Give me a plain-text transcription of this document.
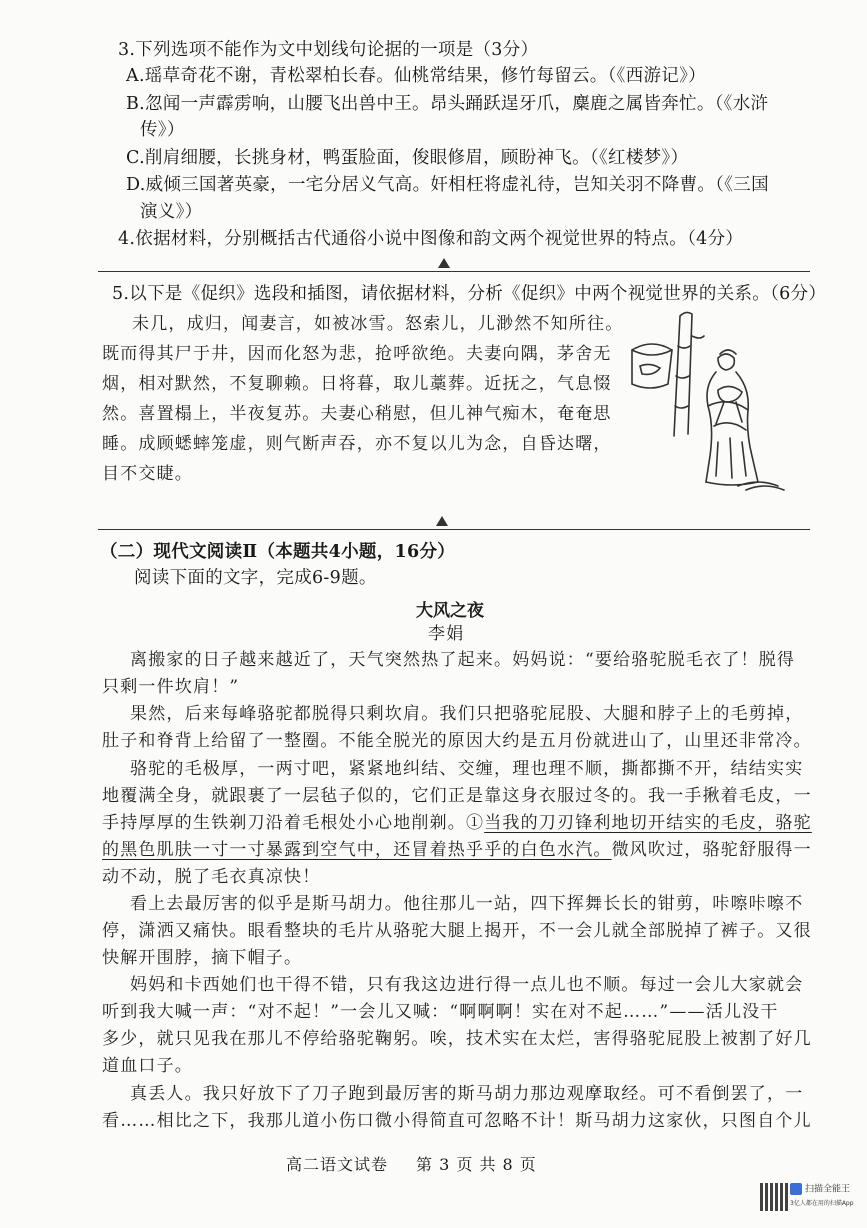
3.下列选项不能作为文中划线句论据的一项是（3分）
A.瑶草奇花不谢，青松翠柏长春。仙桃常结果，修竹每留云。（《西游记》）
B.忽闻一声霹雳响，山腰飞出兽中王。昂头踊跃逞牙爪，麋鹿之属皆奔忙。（《水浒
传》）
C.削肩细腰，长挑身材，鸭蛋脸面，俊眼修眉，顾盼神飞。（《红楼梦》）
D.威倾三国著英豪，一宅分居义气高。奸相枉将虚礼待，岂知关羽不降曹。（《三国
演义》）
4.依据材料，分别概括古代通俗小说中图像和韵文两个视觉世界的特点。（4分）
5.以下是《促织》选段和插图，请依据材料，分析《促织》中两个视觉世界的关系。（6分）
未几，成归，闻妻言，如被冰雪。怒索儿，儿渺然不知所往。
既而得其尸于井，因而化怒为悲，抢呼欲绝。夫妻向隅，茅舍无
烟，相对默然，不复聊赖。日将暮，取儿藁葬。近抚之，气息惙
然。喜置榻上，半夜复苏。夫妻心稍慰，但儿神气痴木，奄奄思
睡。成顾蟋蟀笼虚，则气断声吞，亦不复以儿为念，自昏达曙，
目不交睫。
（二）现代文阅读Ⅱ（本题共4小题，16分）
阅读下面的文字，完成6-9题。
大风之夜
李娟
离搬家的日子越来越近了，天气突然热了起来。妈妈说：“要给骆驼脱毛衣了！脱得
只剩一件坎肩！”
果然，后来每峰骆驼都脱得只剩坎肩。我们只把骆驼屁股、大腿和脖子上的毛剪掉，
肚子和脊背上给留了一整圈。不能全脱光的原因大约是五月份就进山了，山里还非常冷。
骆驼的毛极厚，一两寸吧，紧紧地纠结、交缠，理也理不顺，撕都撕不开，结结实实
地覆满全身，就跟裹了一层毡子似的，它们正是靠这身衣服过冬的。我一手揪着毛皮，一
手持厚厚的生铁剃刀沿着毛根处小心地削剃。①当我的刀刃锋利地切开结实的毛皮，骆驼
的黑色肌肤一寸一寸暴露到空气中，还冒着热乎乎的白色水汽。微风吹过，骆驼舒服得一
动不动，脱了毛衣真凉快！
看上去最厉害的似乎是斯马胡力。他往那儿一站，四下挥舞长长的钳剪，咔嚓咔嚓不
停，潇洒又痛快。眼看整块的毛片从骆驼大腿上揭开，不一会儿就全部脱掉了裤子。又很
快解开围脖，摘下帽子。
妈妈和卡西她们也干得不错，只有我这边进行得一点儿也不顺。每过一会儿大家就会
听到我大喊一声：“对不起！”一会儿又喊：“啊啊啊！实在对不起……”——活儿没干
多少，就只见我在那儿不停给骆驼鞠躬。唉，技术实在太烂，害得骆驼屁股上被割了好几
道血口子。
真丢人。我只好放下了刀子跑到最厉害的斯马胡力那边观摩取经。可不看倒罢了，一
看……相比之下，我那儿道小伤口微小得简直可忽略不计！斯马胡力这家伙，只图自个儿
高二语文试卷 第 3 页 共 8 页
扫描全能王
3亿人都在用的扫描App
